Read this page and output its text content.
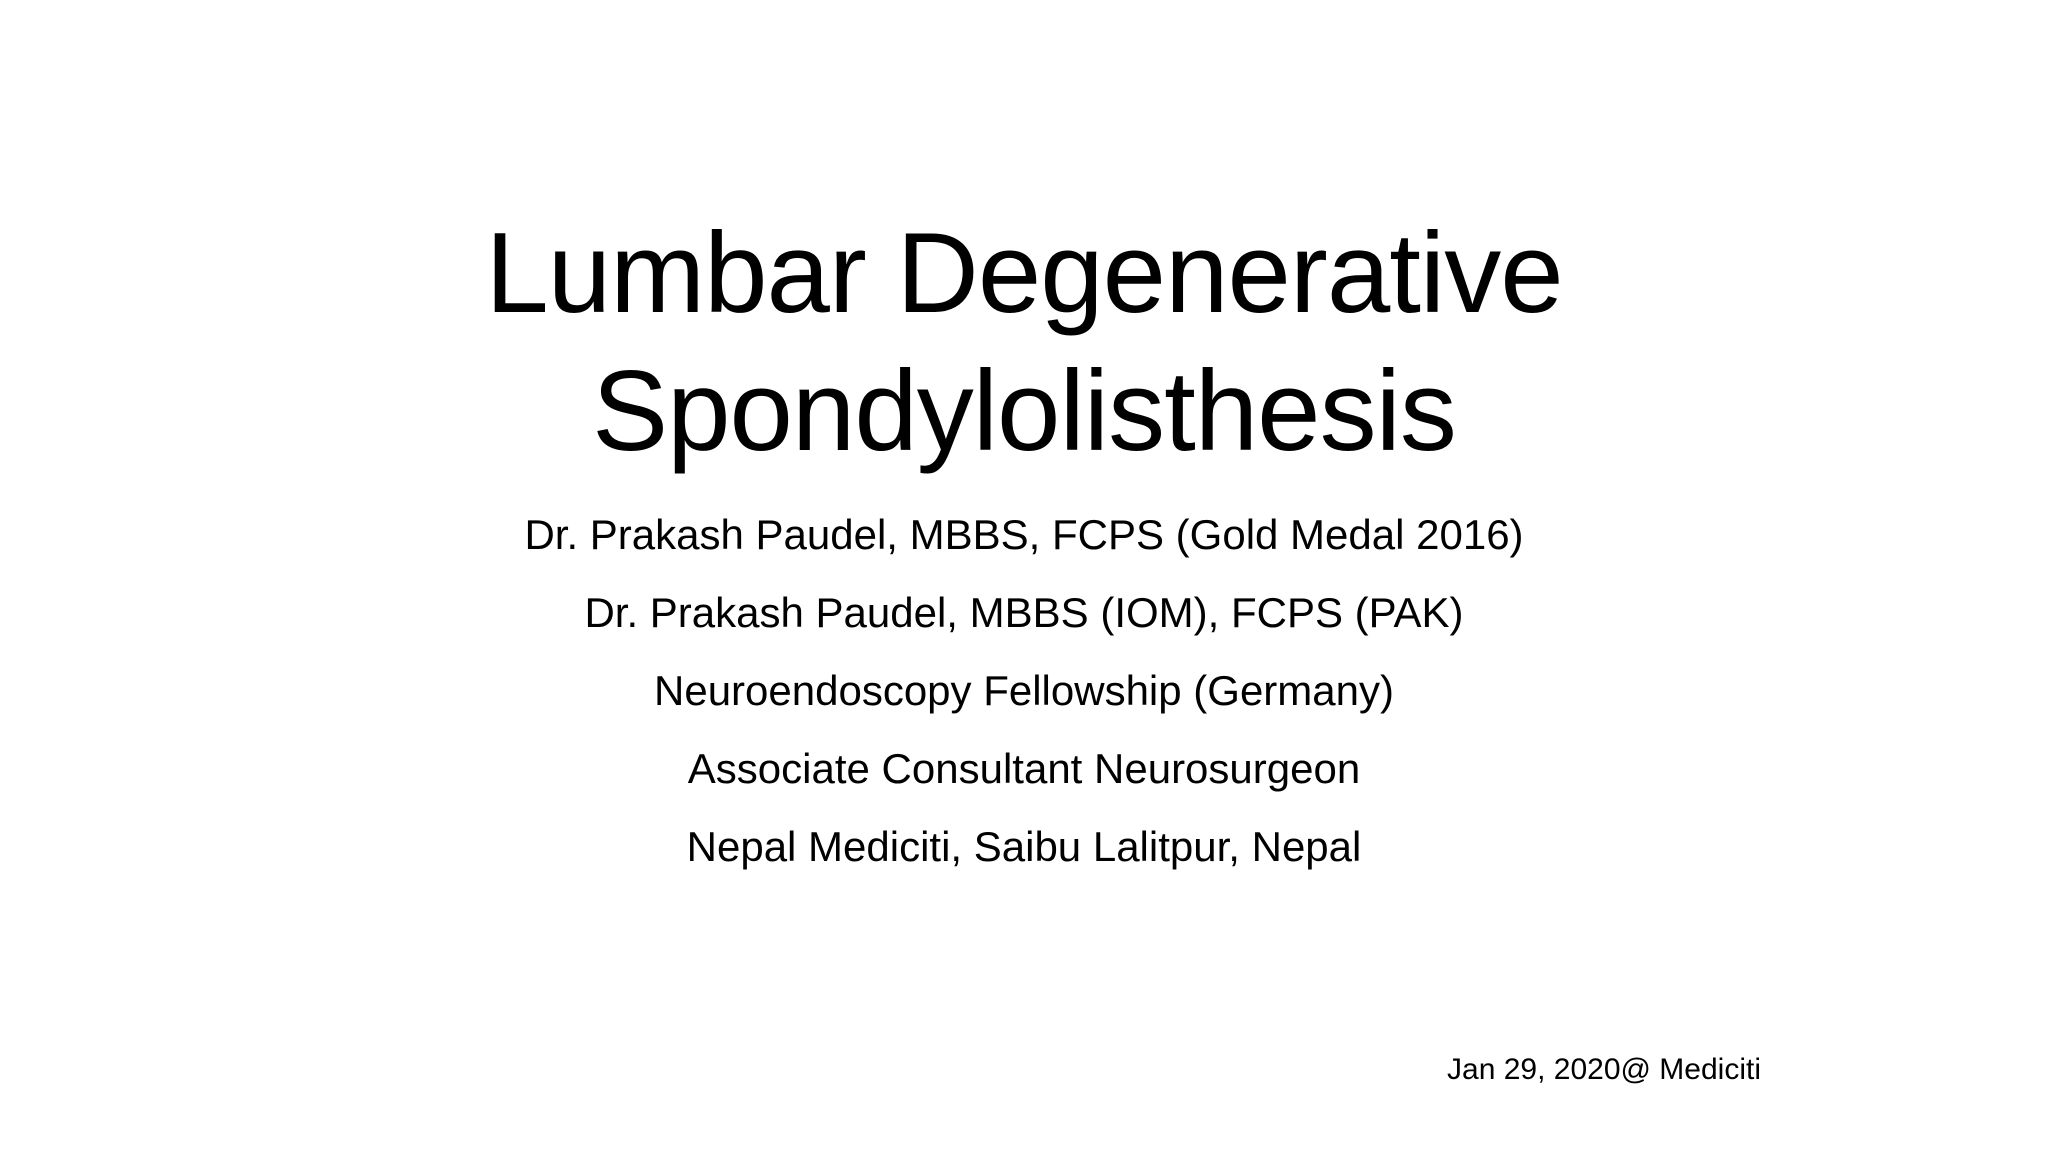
Lumbar Degenerative
Spondylolisthesis
Dr. Prakash Paudel, MBBS, FCPS (Gold Medal 2016)
Dr. Prakash Paudel, MBBS (IOM), FCPS (PAK)
Neuroendoscopy Fellowship (Germany)
Associate Consultant Neurosurgeon
Nepal Mediciti, Saibu Lalitpur, Nepal
Jan 29, 2020@ Mediciti
